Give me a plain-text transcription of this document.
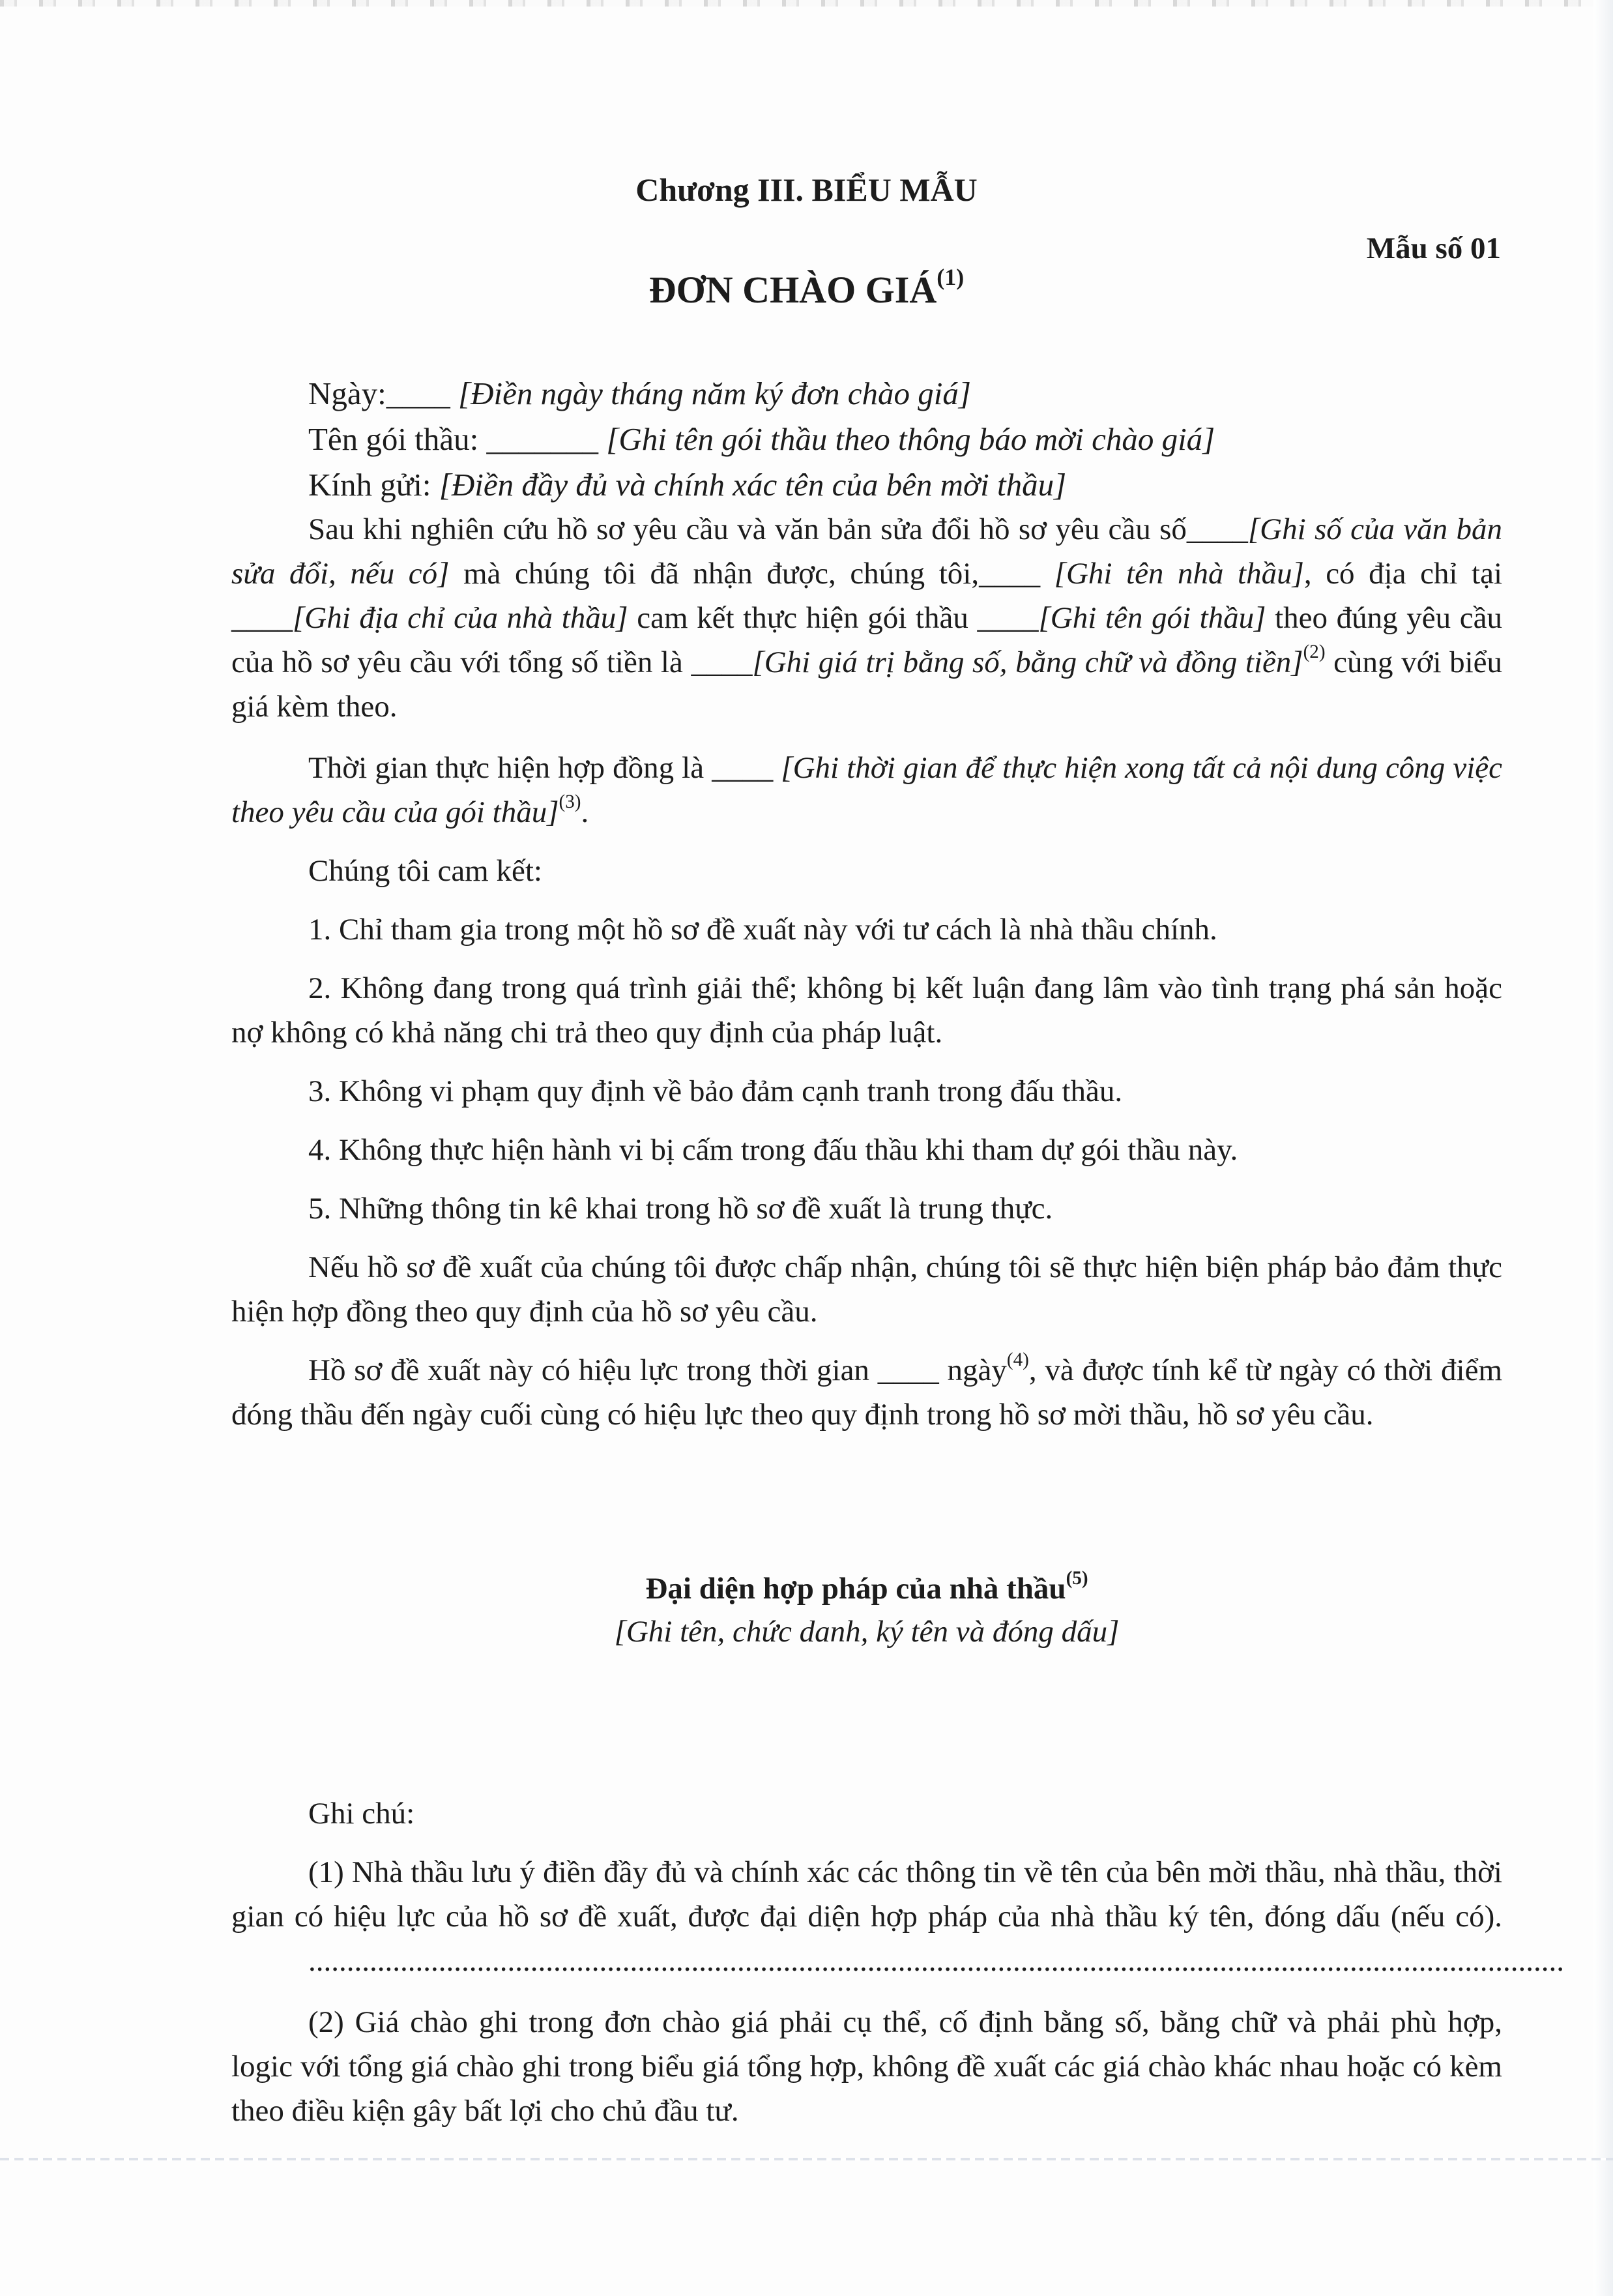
Chương III. BIỂU MẪU

Mẫu số 01

ĐƠN CHÀO GIÁ$^{(1)}$

Ngày:____ [Điền ngày tháng năm ký đơn chào giá]

Tên gói thầu: _______ [Ghi tên gói thầu theo thông báo mời chào giá]

Kính gửi: [Điền đầy đủ và chính xác tên của bên mời thầu]

Sau khi nghiên cứu hồ sơ yêu cầu và văn bản sửa đổi hồ sơ yêu cầu số____[Ghi số của văn bản sửa đổi, nếu có] mà chúng tôi đã nhận được, chúng tôi,____ [Ghi tên nhà thầu], có địa chỉ tại ____[Ghi địa chỉ của nhà thầu] cam kết thực hiện gói thầu ____[Ghi tên gói thầu] theo đúng yêu cầu của hồ sơ yêu cầu với tổng số tiền là ____[Ghi giá trị bằng số, bằng chữ và đồng tiền]$^{(2)}$ cùng với biểu giá kèm theo.

Thời gian thực hiện hợp đồng là ____ [Ghi thời gian để thực hiện xong tất cả nội dung công việc theo yêu cầu của gói thầu]$^{(3)}$.

Chúng tôi cam kết:

1. Chỉ tham gia trong một hồ sơ đề xuất này với tư cách là nhà thầu chính.

2. Không đang trong quá trình giải thể; không bị kết luận đang lâm vào tình trạng phá sản hoặc nợ không có khả năng chi trả theo quy định của pháp luật.

3. Không vi phạm quy định về bảo đảm cạnh tranh trong đấu thầu.

4. Không thực hiện hành vi bị cấm trong đấu thầu khi tham dự gói thầu này.

5. Những thông tin kê khai trong hồ sơ đề xuất là trung thực.

Nếu hồ sơ đề xuất của chúng tôi được chấp nhận, chúng tôi sẽ thực hiện biện pháp bảo đảm thực hiện hợp đồng theo quy định của hồ sơ yêu cầu.

Hồ sơ đề xuất này có hiệu lực trong thời gian ____ ngày$^{(4)}$, và được tính kể từ ngày có thời điểm đóng thầu đến ngày cuối cùng có hiệu lực theo quy định trong hồ sơ mời thầu, hồ sơ yêu cầu.

Đại diện hợp pháp của nhà thầu$^{(5)}$
[Ghi tên, chức danh, ký tên và đóng dấu]

Ghi chú:

(1) Nhà thầu lưu ý điền đầy đủ và chính xác các thông tin về tên của bên mời thầu, nhà thầu, thời gian có hiệu lực của hồ sơ đề xuất, được đại diện hợp pháp của nhà thầu ký tên, đóng dấu (nếu có).....................................................................................................................................................................

(2) Giá chào ghi trong đơn chào giá phải cụ thể, cố định bằng số, bằng chữ và phải phù hợp, logic với tổng giá chào ghi trong biểu giá tổng hợp, không đề xuất các giá chào khác nhau hoặc có kèm theo điều kiện gây bất lợi cho chủ đầu tư.
